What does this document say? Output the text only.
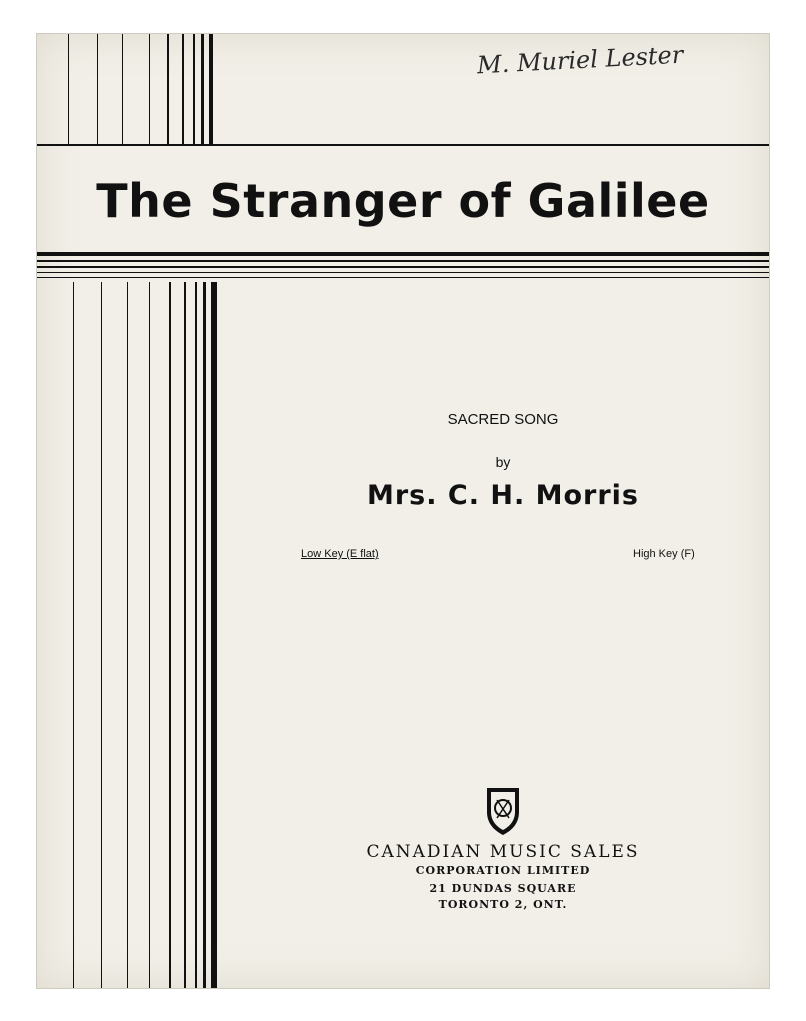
M. Muriel Lester
The Stranger of Galilee
SACRED SONG
by
Mrs. C. H. Morris
Low Key (E flat)	High Key (F)
CANADIAN MUSIC SALES
CORPORATION LIMITED
21 DUNDAS SQUARE
TORONTO 2, ONT.
